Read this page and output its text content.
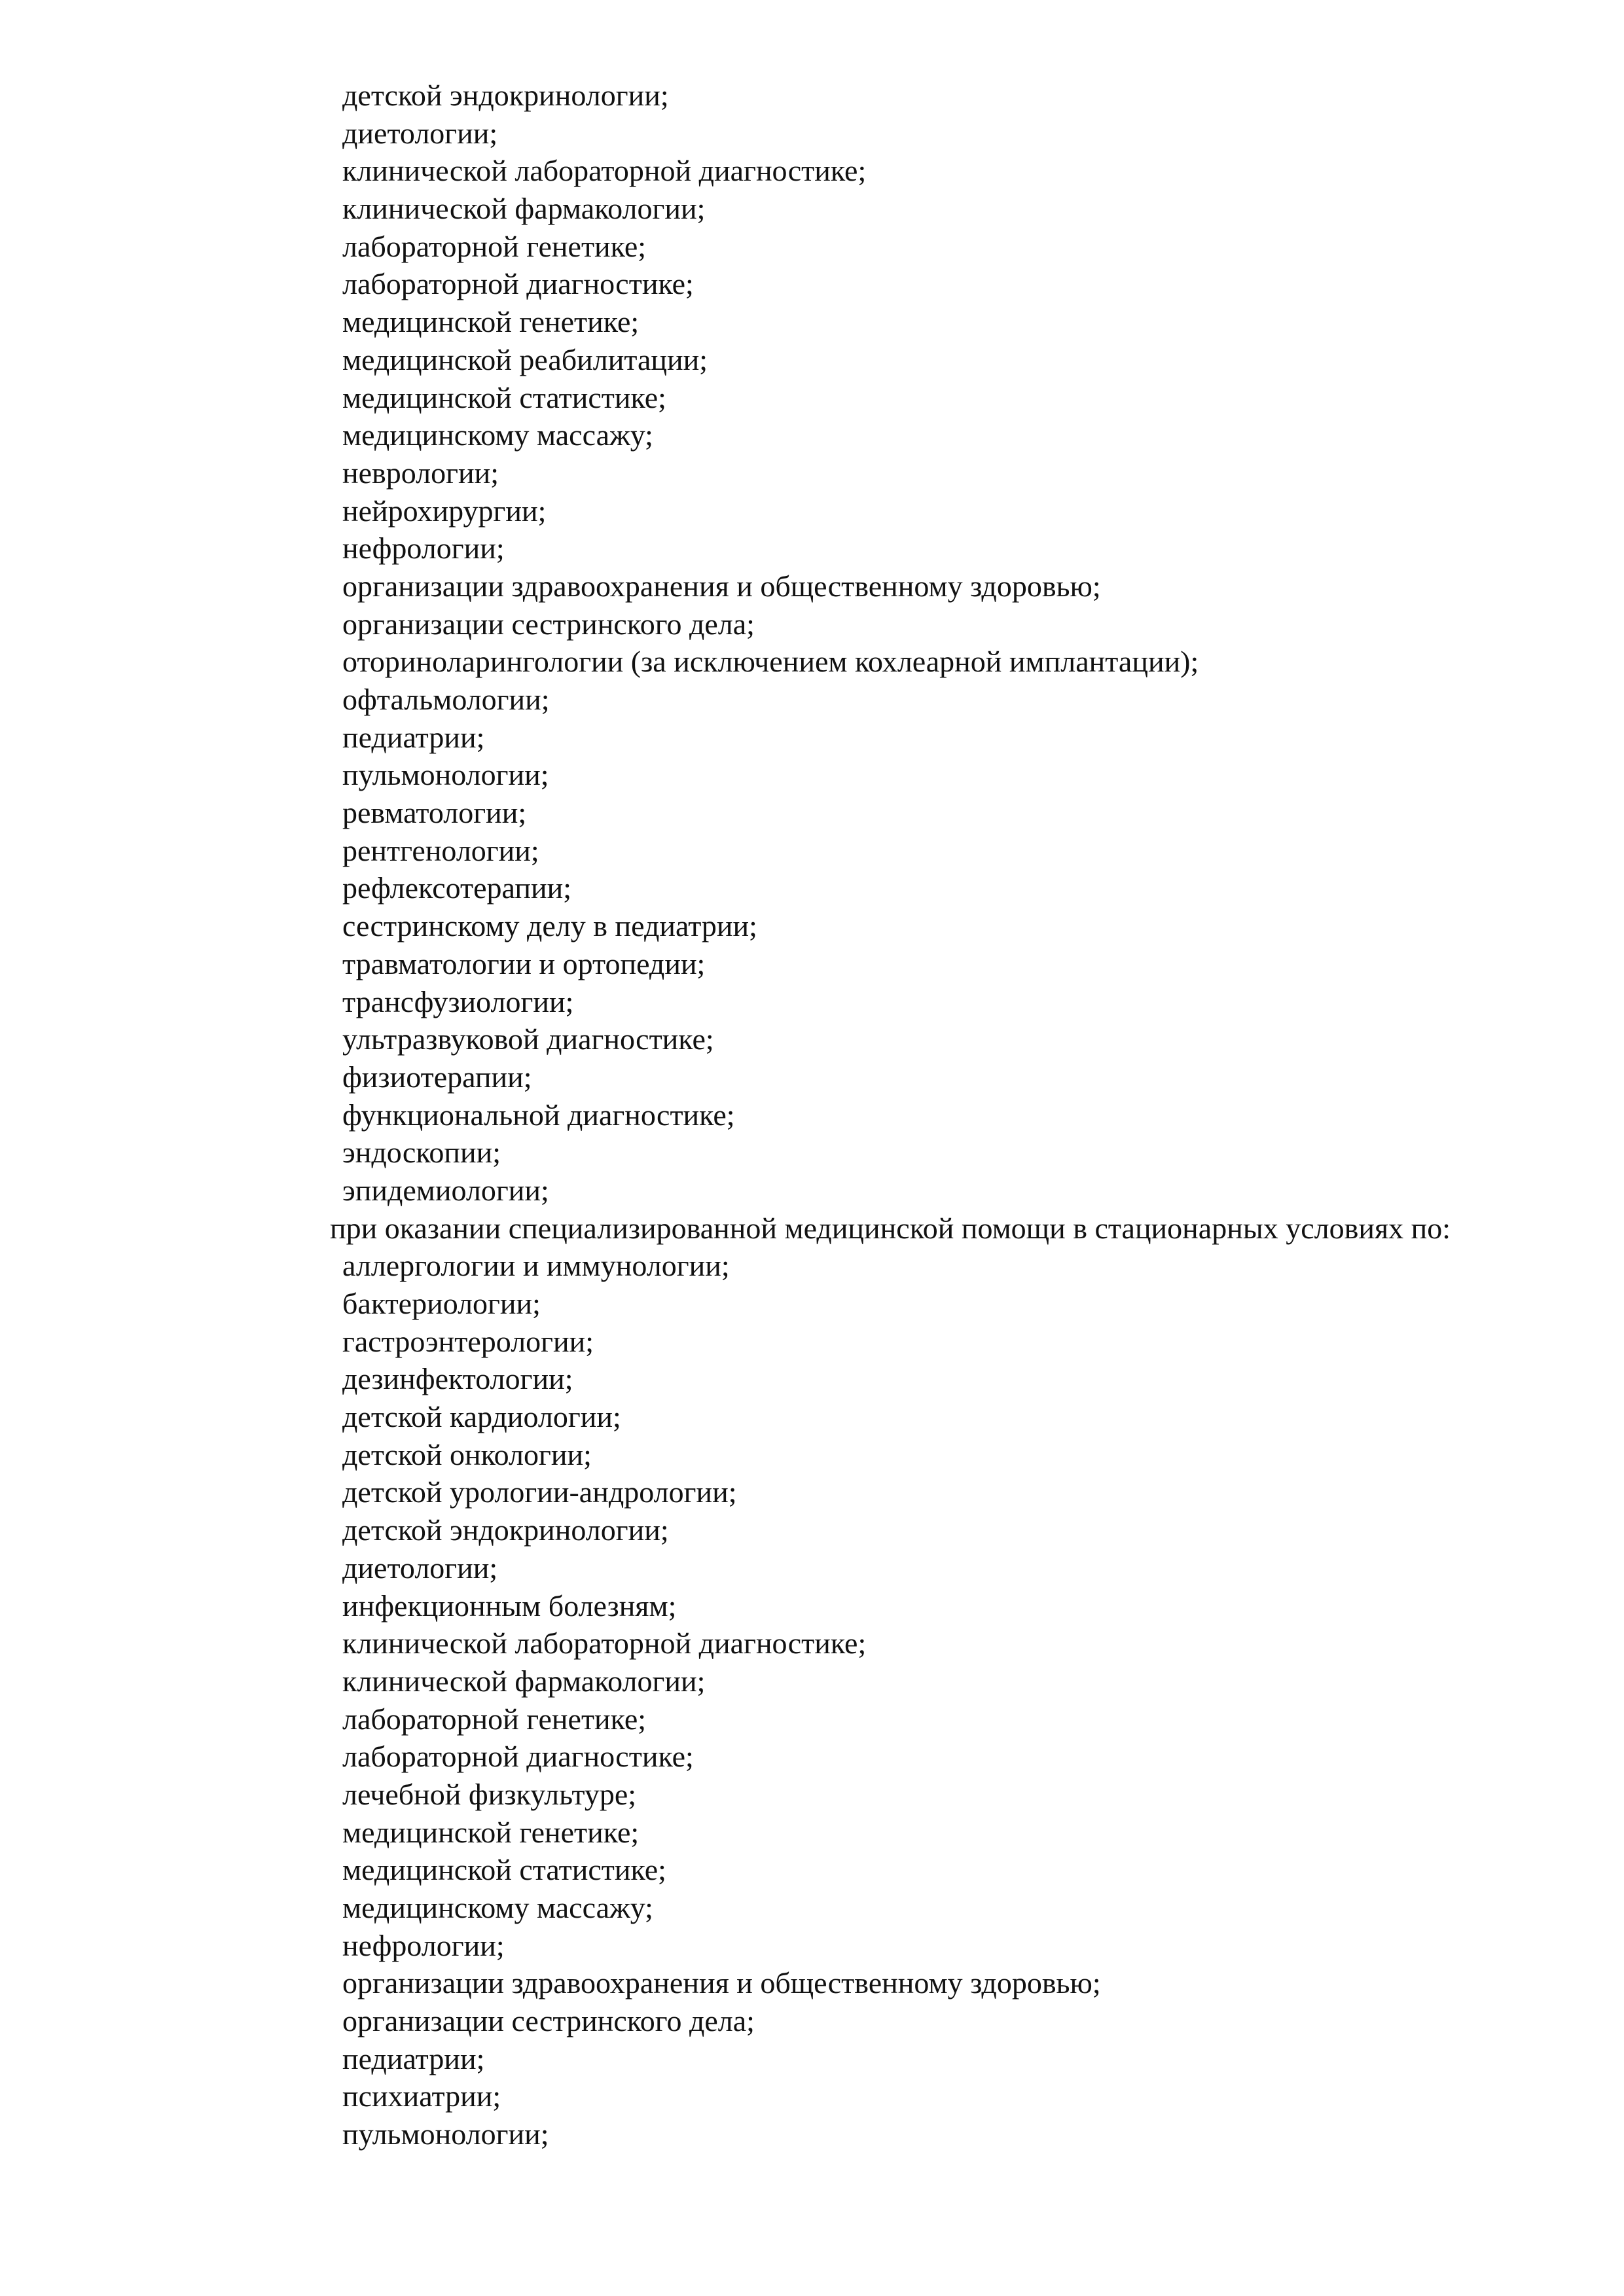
детской эндокринологии;
диетологии;
клинической лабораторной диагностике;
клинической фармакологии;
лабораторной генетике;
лабораторной диагностике;
медицинской генетике;
медицинской реабилитации;
медицинской статистике;
медицинскому массажу;
неврологии;
нейрохирургии;
нефрологии;
организации здравоохранения и общественному здоровью;
организации сестринского дела;
оториноларингологии (за исключением кохлеарной имплантации);
офтальмологии;
педиатрии;
пульмонологии;
ревматологии;
рентгенологии;
рефлексотерапии;
сестринскому делу в педиатрии;
травматологии и ортопедии;
трансфузиологии;
ультразвуковой диагностике;
физиотерапии;
функциональной диагностике;
эндоскопии;
эпидемиологии;

при оказании специализированной медицинской помощи в стационарных условиях по:

аллергологии и иммунологии;
бактериологии;
гастроэнтерологии;
дезинфектологии;
детской кардиологии;
детской онкологии;
детской урологии-андрологии;
детской эндокринологии;
диетологии;
инфекционным болезням;
клинической лабораторной диагностике;
клинической фармакологии;
лабораторной генетике;
лабораторной диагностике;
лечебной физкультуре;
медицинской генетике;
медицинской статистике;
медицинскому массажу;
нефрологии;
организации здравоохранения и общественному здоровью;
организации сестринского дела;
педиатрии;
психиатрии;
пульмонологии;
